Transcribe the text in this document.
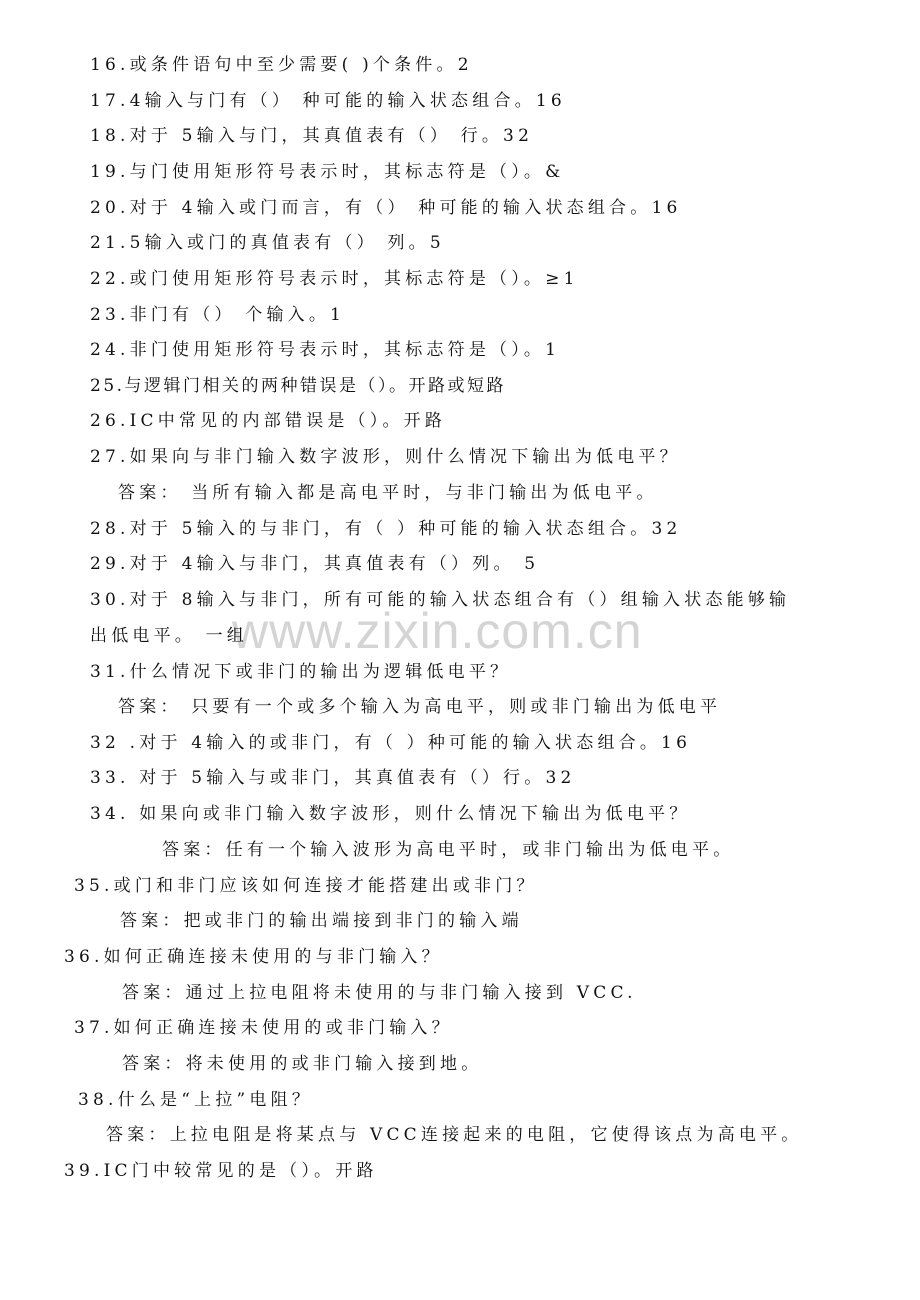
www.zixin.com.cn
16.或条件语句中至少需要( )个条件。2
17.4输入与门有（） 种可能的输入状态组合。16
18.对于 5输入与门，其真值表有（） 行。32
19.与门使用矩形符号表示时，其标志符是（）。&
20.对于 4输入或门而言，有（） 种可能的输入状态组合。16
21.5输入或门的真值表有（） 列。5
22.或门使用矩形符号表示时，其标志符是（）。≥1
23.非门有（） 个输入。1
24.非门使用矩形符号表示时，其标志符是（）。1
25.与逻辑门相关的两种错误是（）。开路或短路
26.IC中常见的内部错误是（）。开路
27.如果向与非门输入数字波形，则什么情况下输出为低电平？
答案： 当所有输入都是高电平时，与非门输出为低电平。
28.对于 5输入的与非门，有（ ）种可能的输入状态组合。32
29.对于 4输入与非门，其真值表有（）列。 5
30.对于 8输入与非门，所有可能的输入状态组合有（）组输入状态能够输
出低电平。 一组
31.什么情况下或非门的输出为逻辑低电平？
答案： 只要有一个或多个输入为高电平，则或非门输出为低电平
32 .对于 4输入的或非门，有（ ）种可能的输入状态组合。16
33. 对于 5输入与或非门，其真值表有（）行。32
34. 如果向或非门输入数字波形，则什么情况下输出为低电平？
答案：任有一个输入波形为高电平时，或非门输出为低电平。
35.或门和非门应该如何连接才能搭建出或非门？
答案：把或非门的输出端接到非门的输入端
36.如何正确连接未使用的与非门输入？
答案：通过上拉电阻将未使用的与非门输入接到 VCC.
37.如何正确连接未使用的或非门输入？
答案：将未使用的或非门输入接到地。
38.什么是“上拉”电阻？
答案：上拉电阻是将某点与 VCC连接起来的电阻，它使得该点为高电平。
39.IC门中较常见的是（）。开路
